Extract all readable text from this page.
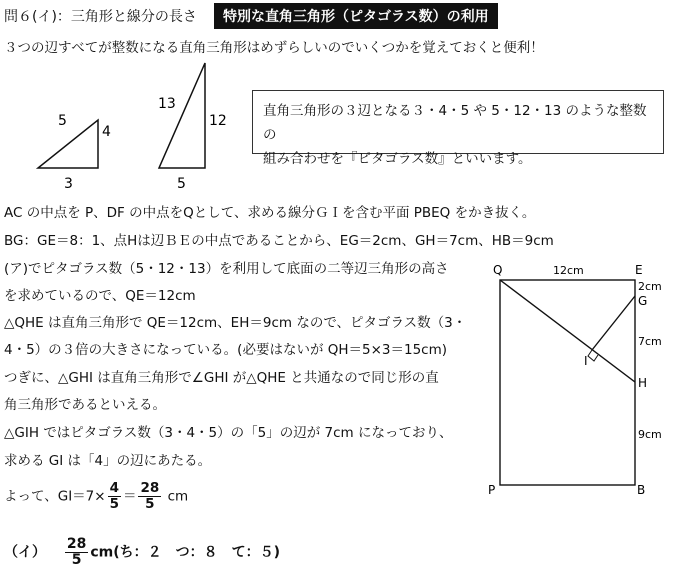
問６(イ)：三角形と線分の長さ	特別な直角三角形（ピタゴラス数）の利用
３つの辺すべてが整数になる直角三角形はめずらしいのでいくつかを覚えておくと便利！
5
4
3
13
12
5
直角三角形の３辺となる３・4・5 や 5・12・13 のような整数の
組み合わせを『ピタゴラス数』といいます。
AC の中点を P、DF の中点をQとして、求める線分ＧＩを含む平面 PBEQ をかき抜く。
BG：GE＝8：1、点Hは辺ＢＥの中点であることから、EG＝2cm、GH＝7cm、HB＝9cm
(ア)でピタゴラス数（5・12・13）を利用して底面の二等辺三角形の高さ
を求めているので、QE＝12cm
△QHE は直角三角形で QE＝12cm、EH＝9cm なので、ピタゴラス数（3・
4・5）の３倍の大きさになっている。(必要はないが QH＝5×3＝15cm)
つぎに、△GHI は直角三角形で∠GHI が△QHE と共通なので同じ形の直
角三角形であるといえる。
△GIH ではピタゴラス数（3・4・5）の「5」の辺が 7cm になっており、
求める GI は「4」の辺にあたる。
よって、$GI=7\times \frac{4}{5} = \frac{28}{5}$ cm
（イ） $\frac{28}{5} cm$(ち：２　つ：８　て：５)
Q	E
12cm
2cm
G
7cm
I
H
9cm
P	B
